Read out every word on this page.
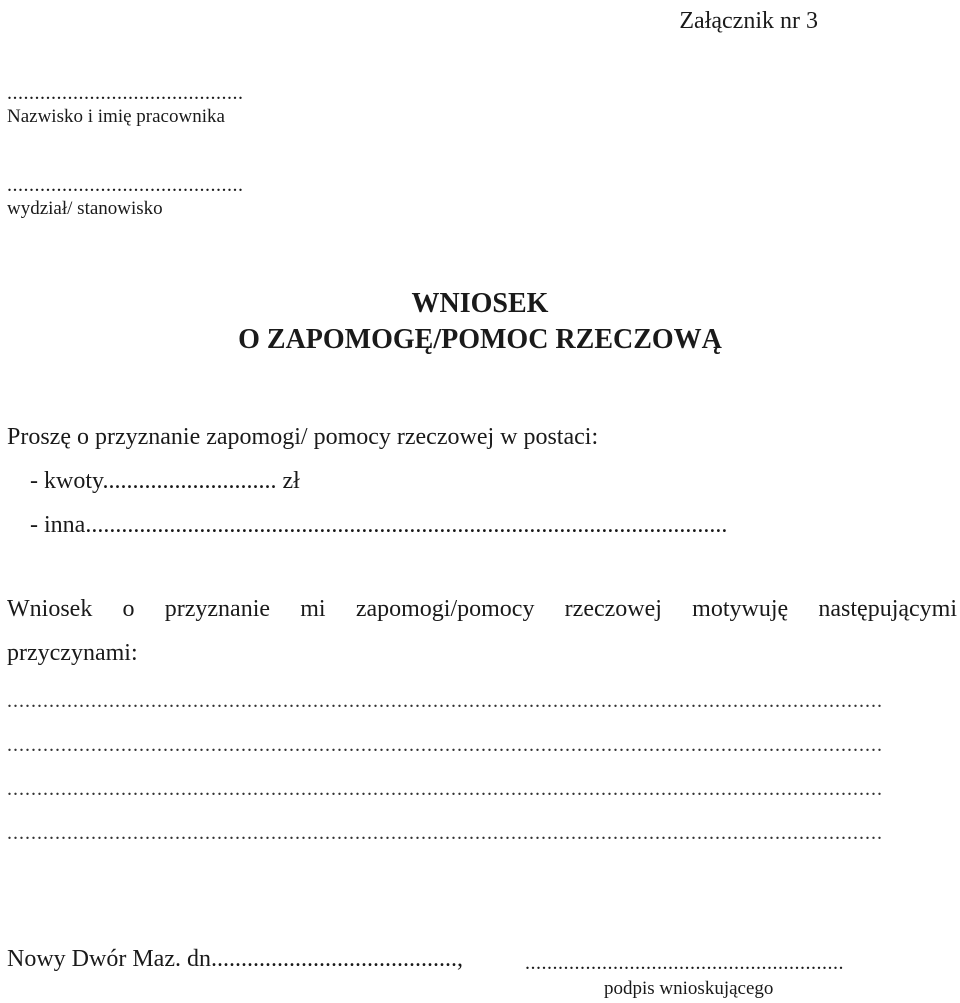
Załącznik nr 3
...........................................
Nazwisko i imię pracownika
...........................................
wydział/ stanowisko
WNIOSEK
O ZAPOMOGĘ/POMOC RZECZOWĄ
Proszę o przyznanie zapomogi/ pomocy rzeczowej w postaci:
- kwoty............................. zł
- inna...........................................................................................................
Wniosek o przyznanie mi zapomogi/pomocy rzeczowej motywuję następującymi
przyczynami:
..................................................................................................................................................
..................................................................................................................................................
..................................................................................................................................................
..................................................................................................................................................
Nowy Dwór Maz. dn.........................................,	..........................................................
podpis wnioskującego
